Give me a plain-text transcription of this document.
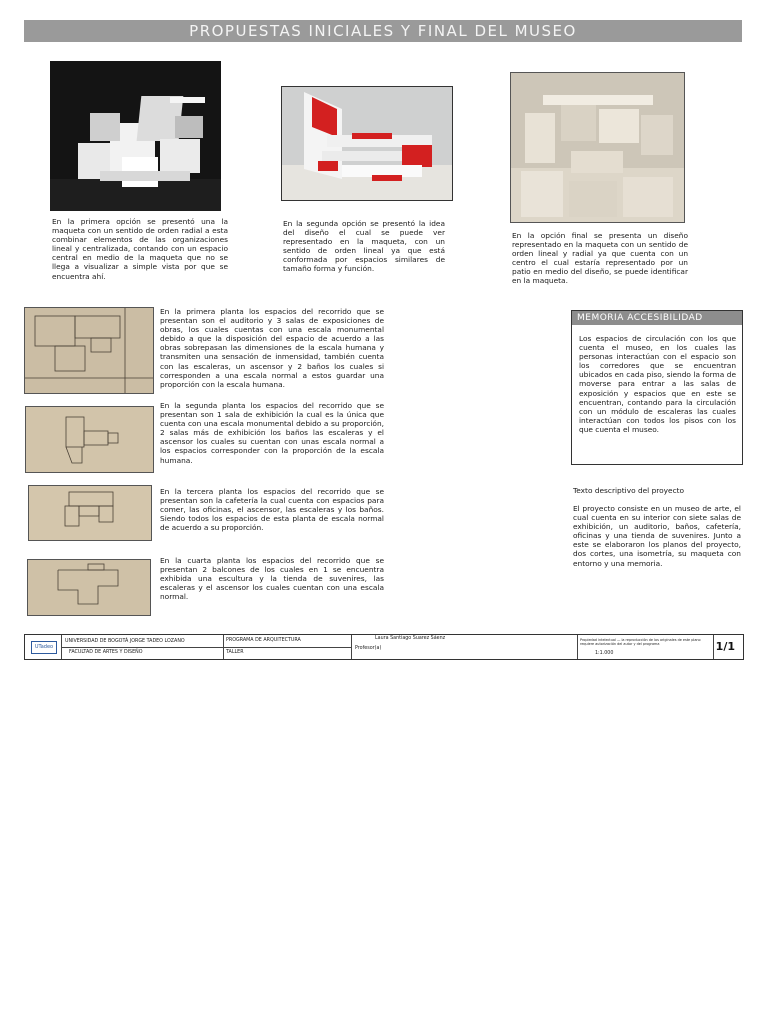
PROPUESTAS INICIALES Y FINAL DEL MUSEO
En la primera opción se presentó una la maqueta con un sentido de orden radial a esta combinar elementos de las organizaciones lineal y centralizada, contando con un espacio central en medio de la maqueta que no se llega a visualizar a simple vista por que se encuentra ahí.
En la segunda opción se presentó la idea del diseño el cual se puede ver representado en la maqueta, con un sentido de orden lineal ya que está conformada por espacios similares de tamaño forma y función.
En la opción final se presenta un diseño representado en la maqueta con un sentido de orden lineal y radial ya que cuenta con un centro el cual estaría representado por un patio en medio del diseño, se puede identificar en la maqueta.
En la primera planta los espacios del recorrido que se presentan son el auditorio y 3 salas de exposiciones de obras, los cuales cuentas con una escala monumental debido a que la disposición del espacio de acuerdo a las obras sobrepasan las dimensiones de la escala humana y transmiten una sensación de inmensidad, también cuenta con las escaleras, un ascensor y 2 baños los cuales si corresponden a una escala normal a estos guardar una proporción con la escala humana.
En la segunda planta los espacios del recorrido que se presentan son 1 sala de exhibición la cual es la única que cuenta con una escala monumental debido a su proporción, 2 salas más de exhibición los baños las escaleras y el ascensor los cuales su cuentan con unas escala normal a los espacios corresponder con la proporción de la escala humana.
En la tercera planta los espacios del recorrido que se presentan son la cafetería la cual cuenta con espacios para comer, las oficinas, el ascensor, las escaleras y los baños. Siendo todos los espacios de esta planta de escala normal de acuerdo a su proporción.
En la cuarta planta los espacios del recorrido que se presentan 2 balcones de los cuales en 1 se encuentra exhibida una escultura y la tienda de suvenires, las escaleras y el ascensor los cuales cuentan con una escala normal.
MEMORIA ACCESIBILIDAD
Los espacios de circulación con los que cuenta el museo, en los cuales las personas interactúan con el espacio son los corredores que se encuentran ubicados en cada piso, siendo la forma de moverse para entrar a las salas de exposición y espacios que en este se encuentran, contando para la circulación con un módulo de escaleras las cuales interactúan con todos los pisos con los que cuenta el museo.
Texto descriptivo del proyecto
El proyecto consiste en un museo de arte, el cual cuenta en su interior con siete salas de exhibición, un auditorio, baños, cafetería, oficinas y una tienda de suvenires. Junto a este se elaboraron los planos del proyecto, dos cortes, una isometría, su maqueta con entorno y una memoria.
UTadeo
UNIVERSIDAD DE BOGOTÁ JORGE TADEO LOZANO
FACULTAD DE ARTES Y DISEÑO
PROGRAMA DE ARQUITECTURA
TALLER
Laura Santiago Suarez Sáenz
Profesor(a)
Propiedad intelectual — la reproducción de los originales de este plano requiere autorización del autor y del programa
1:1.000
1/1
